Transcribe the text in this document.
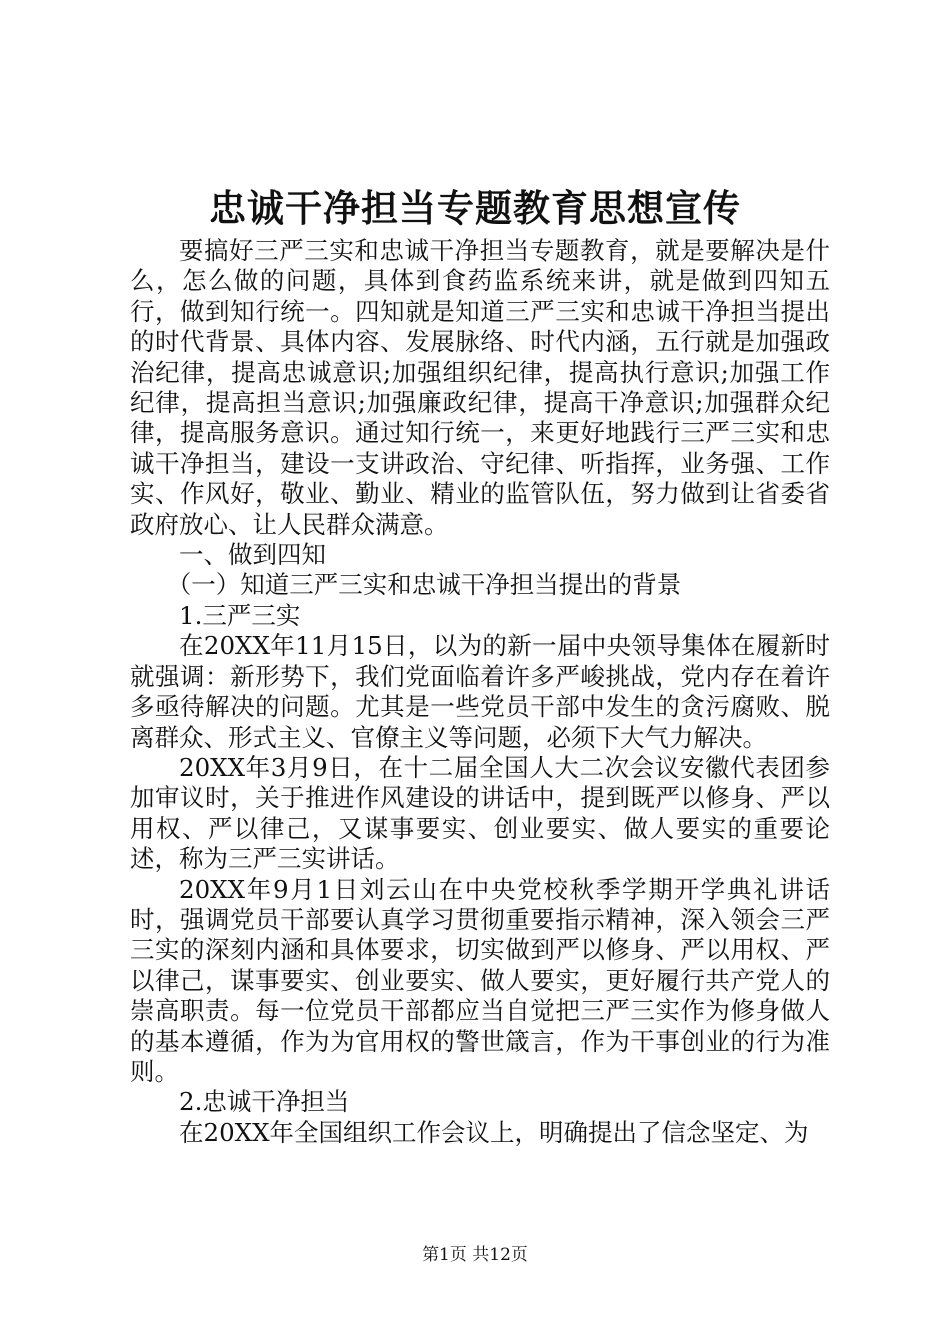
忠诚干净担当专题教育思想宣传

要搞好三严三实和忠诚干净担当专题教育，就是要解决是什么，怎么做的问题，具体到食药监系统来讲，就是做到四知五行，做到知行统一。四知就是知道三严三实和忠诚干净担当提出的时代背景、具体内容、发展脉络、时代内涵，五行就是加强政治纪律，提高忠诚意识;加强组织纪律，提高执行意识;加强工作纪律，提高担当意识;加强廉政纪律，提高干净意识;加强群众纪律，提高服务意识。通过知行统一，来更好地践行三严三实和忠诚干净担当，建设一支讲政治、守纪律、听指挥，业务强、工作实、作风好，敬业、勤业、精业的监管队伍，努力做到让省委省政府放心、让人民群众满意。

一、做到四知

（一）知道三严三实和忠诚干净担当提出的背景

1.三严三实

在20XX年11月15日，以为的新一届中央领导集体在履新时就强调：新形势下，我们党面临着许多严峻挑战，党内存在着许多亟待解决的问题。尤其是一些党员干部中发生的贪污腐败、脱离群众、形式主义、官僚主义等问题，必须下大气力解决。

20XX年3月9日，在十二届全国人大二次会议安徽代表团参加审议时，关于推进作风建设的讲话中，提到既严以修身、严以用权、严以律己，又谋事要实、创业要实、做人要实的重要论述，称为三严三实讲话。

20XX年9月1日刘云山在中央党校秋季学期开学典礼讲话时，强调党员干部要认真学习贯彻重要指示精神，深入领会三严三实的深刻内涵和具体要求，切实做到严以修身、严以用权、严以律己，谋事要实、创业要实、做人要实，更好履行共产党人的崇高职责。每一位党员干部都应当自觉把三严三实作为修身做人的基本遵循，作为为官用权的警世箴言，作为干事创业的行为准则。

2.忠诚干净担当

在20XX年全国组织工作会议上，明确提出了信念坚定、为

第1页 共12页
